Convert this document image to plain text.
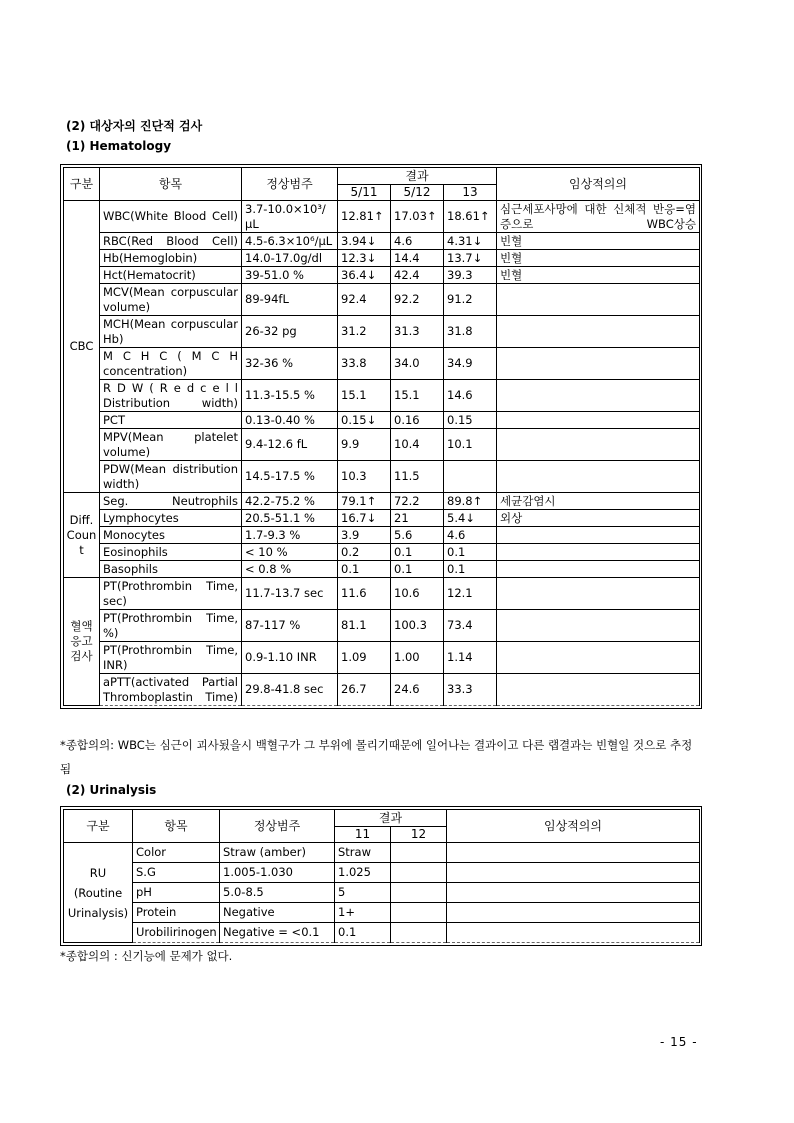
(2) 대상자의 진단적 검사
(1) Hematology
구분	항목	정상범주	결과			임상적의의
			5/11	5/12	13	
CBC	WBC(White Blood Cell)	3.7-10.0×10³/μL	12.81↑	17.03↑	18.61↑	심근세포사망에 대한 신체적 반응=염증으로 WBC상승
	RBC(Red Blood Cell)	4.5-6.3×10⁶/μL	3.94↓	4.6	4.31↓	빈혈
	Hb(Hemoglobin)	14.0-17.0g/dl	12.3↓	14.4	13.7↓	빈혈
	Hct(Hematocrit)	39-51.0 %	36.4↓	42.4	39.3	빈혈
	MCV(Mean corpuscular volume)	89-94fL	92.4	92.2	91.2	
	MCH(Mean corpuscular Hb)	26-32 pg	31.2	31.3	31.8	
	M C H C ( M C H concentration)	32-36 %	33.8	34.0	34.9	
	R D W ( R e d c e l l Distribution width)	11.3-15.5 %	15.1	15.1	14.6	
	PCT	0.13-0.40 %	0.15↓	0.16	0.15	
	MPV(Mean platelet volume)	9.4-12.6 fL	9.9	10.4	10.1	
	PDW(Mean distribution width)	14.5-17.5 %	10.3	11.5		
Diff. Count	Seg. Neutrophils	42.2-75.2 %	79.1↑	72.2	89.8↑	세균감염시
	Lymphocytes	20.5-51.1 %	16.7↓	21	5.4↓	외상
	Monocytes	1.7-9.3 %	3.9	5.6	4.6	
	Eosinophils	< 10 %	0.2	0.1	0.1	
	Basophils	< 0.8 %	0.1	0.1	0.1	
혈액응고검사	PT(Prothrombin Time, sec)	11.7-13.7 sec	11.6	10.6	12.1	
	PT(Prothrombin Time, %)	87-117 %	81.1	100.3	73.4	
	PT(Prothrombin Time, INR)	0.9-1.10 INR	1.09	1.00	1.14	
	aPTT(activated Partial Thromboplastin Time)	29.8-41.8 sec	26.7	24.6	33.3	
*종합의의: WBC는 심근이 괴사됬을시 백혈구가 그 부위에 몰리기때문에 일어나는 결과이고 다른 랩결과는 빈혈일 것으로 추정됨
(2) Urinalysis
구분	항목	정상범주	결과		임상적의의
			11	12	
RU (Routine Urinalysis)	Color	Straw (amber)	Straw		
	S.G	1.005-1.030	1.025		
	pH	5.0-8.5	5		
	Protein	Negative	1+		
	Urobilirinogen	Negative = <0.1	0.1		
*종합의의 : 신기능에 문제가 없다.
- 15 -
